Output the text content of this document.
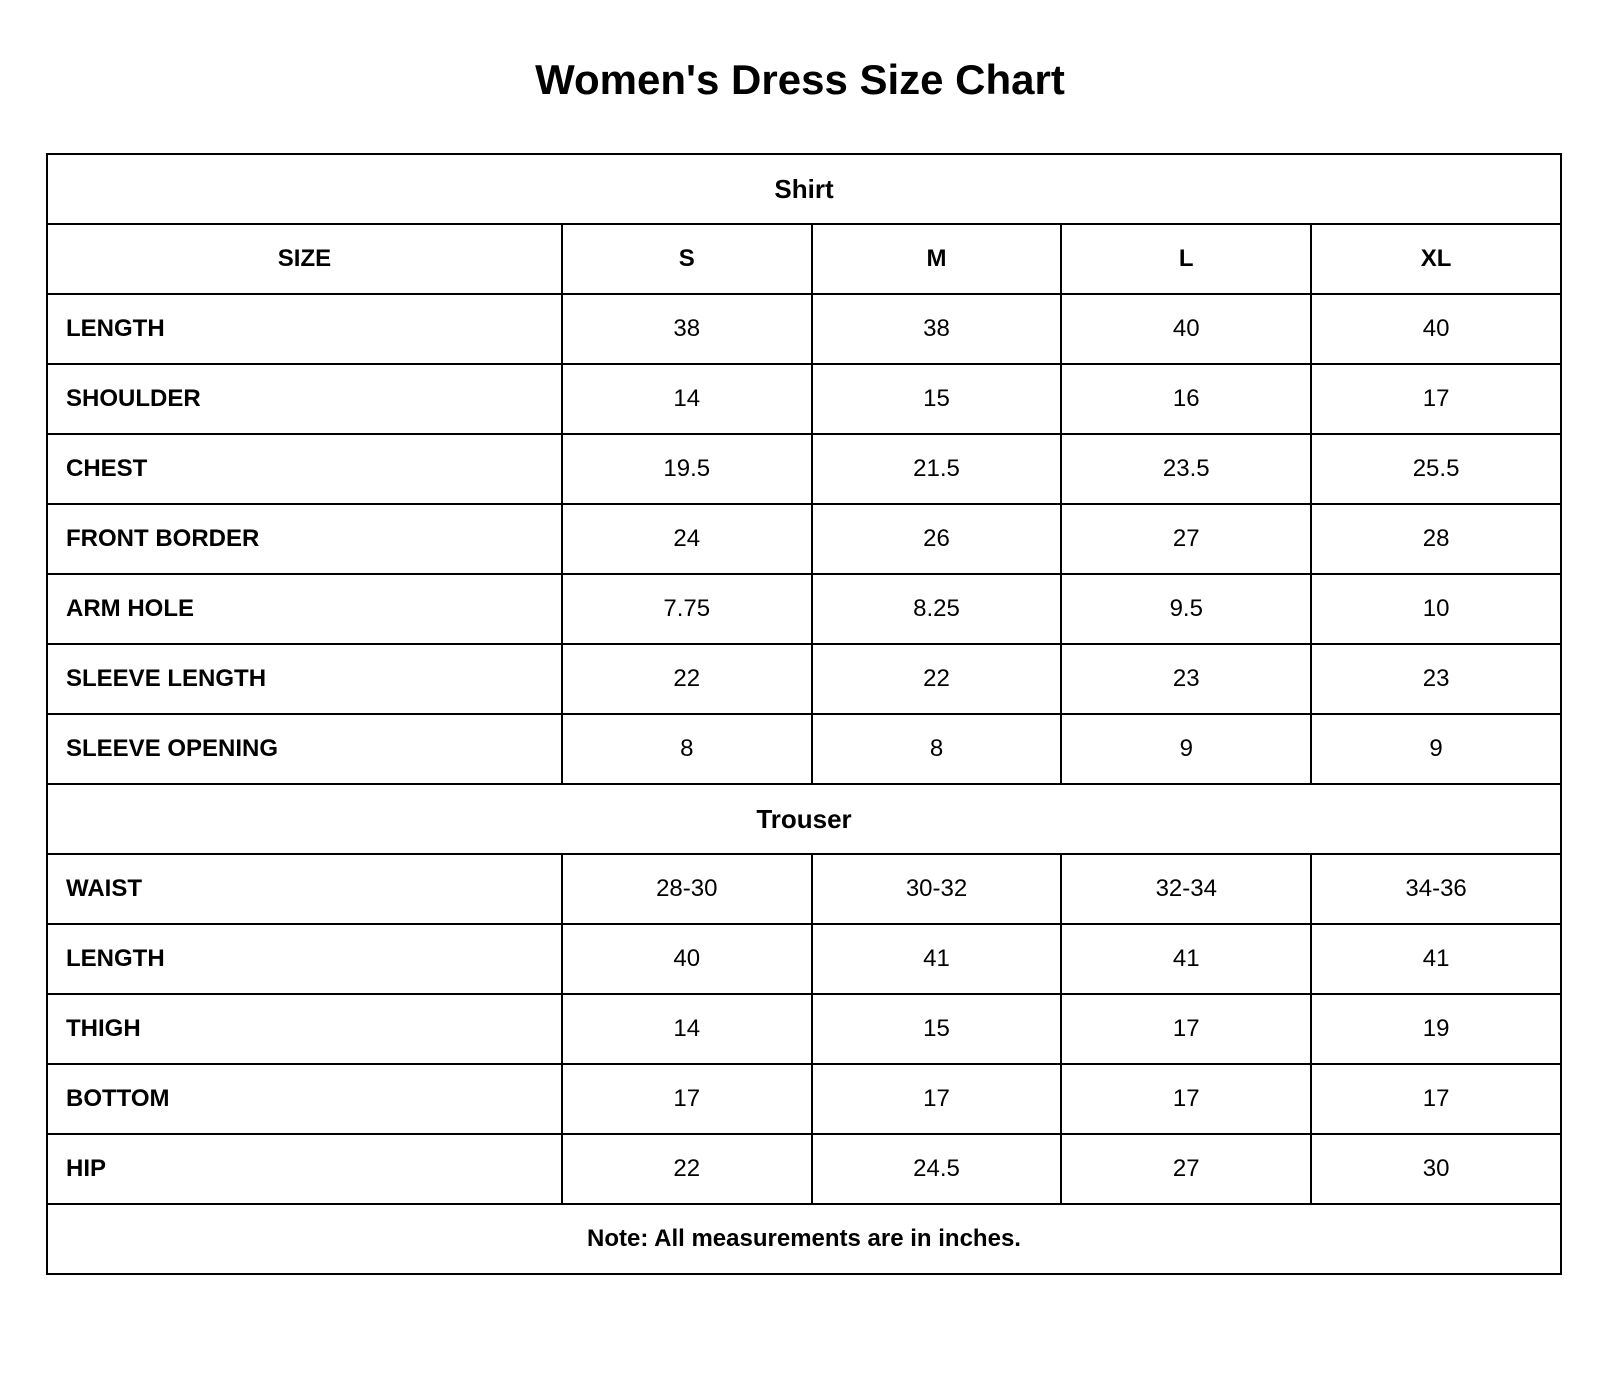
Women's Dress Size Chart
Shirt				
SIZE	S	M	L	XL
LENGTH	38	38	40	40
SHOULDER	14	15	16	17
CHEST	19.5	21.5	23.5	25.5
FRONT BORDER	24	26	27	28
ARM HOLE	7.75	8.25	9.5	10
SLEEVE LENGTH	22	22	23	23
SLEEVE OPENING	8	8	9	9
Trouser				
WAIST	28-30	30-32	32-34	34-36
LENGTH	40	41	41	41
THIGH	14	15	17	19
BOTTOM	17	17	17	17
HIP	22	24.5	27	30
Note: All measurements are in inches.				
